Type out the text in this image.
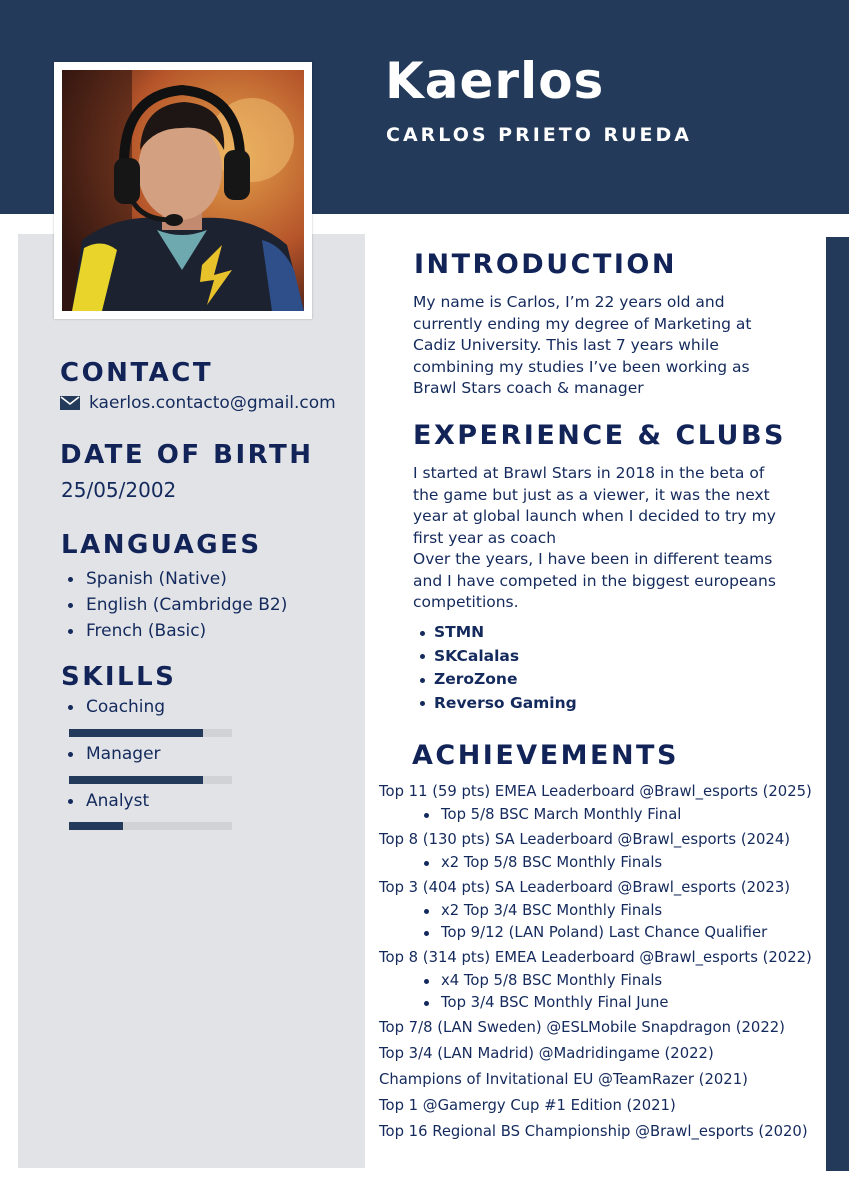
Kaerlos
CARLOS PRIETO RUEDA
CONTACT
kaerlos.contacto@gmail.com
DATE OF BIRTH
25/05/2002
LANGUAGES
Spanish (Native)
English (Cambridge B2)
French (Basic)
SKILLS
Coaching
Manager
Analyst
INTRODUCTION
My name is Carlos, I’m 22 years old and
currently ending my degree of Marketing at
Cadiz University. This last 7 years while
combining my studies I’ve been working as
Brawl Stars coach & manager
EXPERIENCE & CLUBS
I started at Brawl Stars in 2018 in the beta of
the game but just as a viewer, it was the next
year at global launch when I decided to try my
first year as coach
Over the years, I have been in different teams
and I have competed in the biggest europeans
competitions.
STMN
SKCalalas
ZeroZone
Reverso Gaming
ACHIEVEMENTS
Top 11 (59 pts) EMEA Leaderboard @Brawl_esports (2025)
Top 5/8 BSC March Monthly Final
Top 8 (130 pts) SA Leaderboard @Brawl_esports (2024)
x2 Top 5/8 BSC Monthly Finals
Top 3 (404 pts) SA Leaderboard @Brawl_esports (2023)
x2 Top 3/4 BSC Monthly Finals
Top 9/12 (LAN Poland) Last Chance Qualifier
Top 8 (314 pts) EMEA Leaderboard @Brawl_esports (2022)
x4 Top 5/8 BSC Monthly Finals
Top 3/4 BSC Monthly Final June
Top 7/8 (LAN Sweden) @ESLMobile Snapdragon (2022)
Top 3/4 (LAN Madrid) @Madridingame (2022)
Champions of Invitational EU @TeamRazer (2021)
Top 1 @Gamergy Cup #1 Edition (2021)
Top 16 Regional BS Championship @Brawl_esports (2020)
